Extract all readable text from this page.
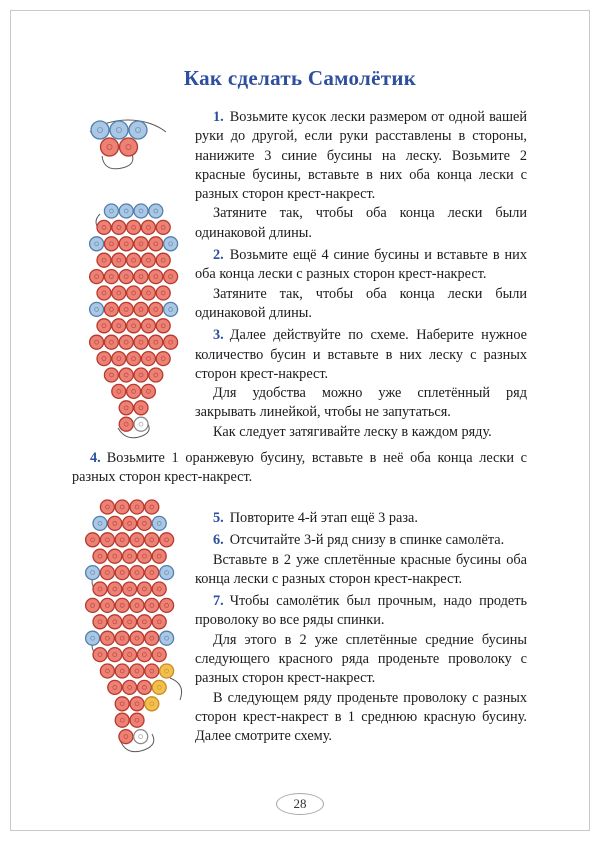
Как сделать Самолётик

1. Возьмите кусок лески размером от одной вашей руки до другой, если руки расставлены в стороны, нанижите 3 синие бусины на леску. Возьмите 2 красные бусины, вставьте в них оба конца лески с разных сторон крест-накрест.

Затяните так, чтобы оба конца лески были одинаковой длины.

2. Возьмите ещё 4 синие бусины и вставьте в них оба конца лески с разных сторон крест-накрест.

Затяните так, чтобы оба конца лески были одинаковой длины.

3. Далее действуйте по схеме. Наберите нужное количество бусин и вставьте в них леску с разных сторон крест-накрест.

Для удобства можно уже сплетённый ряд закрывать линейкой, чтобы не запутаться.

Как следует затягивайте леску в каждом ряду.

4. Возьмите 1 оранжевую бусину, вставьте в неё оба конца лески с разных сторон крест-накрест.

5. Повторите 4-й этап ещё 3 раза.

6. Отсчитайте 3-й ряд снизу в спинке самолёта.

Вставьте в 2 уже сплетённые красные бусины оба конца лески с разных сторон крест-накрест.

7. Чтобы самолётик был прочным, надо продеть проволоку во все ряды спинки.

Для этого в 2 уже сплетённые средние бусины следующего красного ряда проденьте проволоку с разных сторон крест-накрест.

В следующем ряду проденьте проволоку с разных сторон крест-накрест в 1 среднюю красную бусину. Далее смотрите схему.

28
